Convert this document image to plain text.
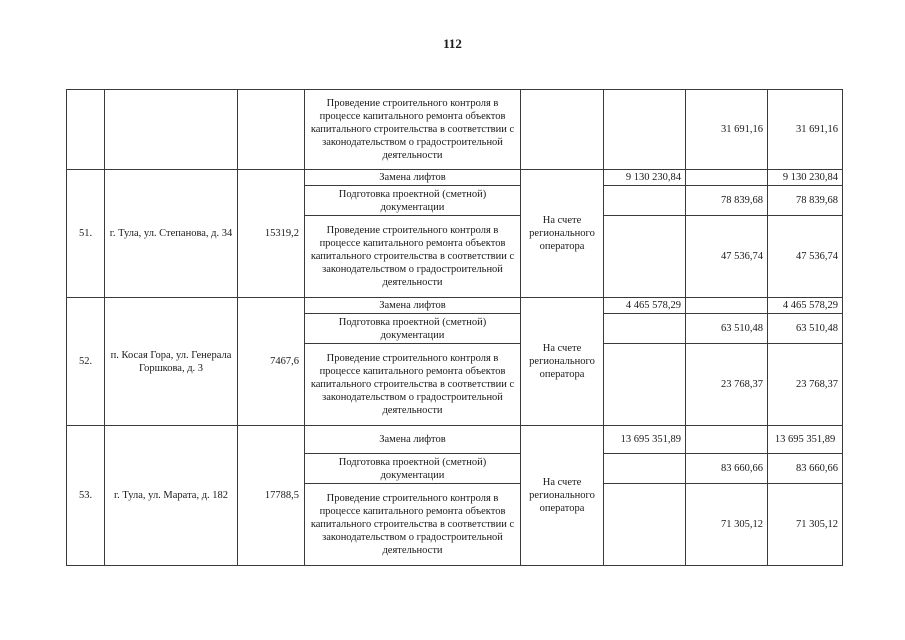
112
			Проведение строительного контроля в процессе капитального ремонта объектов капитального строительства в соответствии с законодательством о градостроительной деятельности			31 691,16	31 691,16
51.	г. Тула, ул. Степанова, д. 34	15319,2	Замена лифтов	На счете регионального оператора	9 130 230,84		9 130 230,84
			Подготовка проектной (сметной) документации			78 839,68	78 839,68
			Проведение строительного контроля в процессе капитального ремонта объектов капитального строительства в соответствии с законодательством о градостроительной деятельности			47 536,74	47 536,74
52.	п. Косая Гора, ул. Генерала Горшкова, д. 3	7467,6	Замена лифтов	На счете регионального оператора	4 465 578,29		4 465 578,29
			Подготовка проектной (сметной) документации			63 510,48	63 510,48
			Проведение строительного контроля в процессе капитального ремонта объектов капитального строительства в соответствии с законодательством о градостроительной деятельности			23 768,37	23 768,37
53.	г. Тула, ул. Марата, д. 182	17788,5	Замена лифтов	На счете регионального оператора	13 695 351,89		13 695 351,89
			Подготовка проектной (сметной) документации			83 660,66	83 660,66
			Проведение строительного контроля в процессе капитального ремонта объектов капитального строительства в соответствии с законодательством о градостроительной деятельности			71 305,12	71 305,12
